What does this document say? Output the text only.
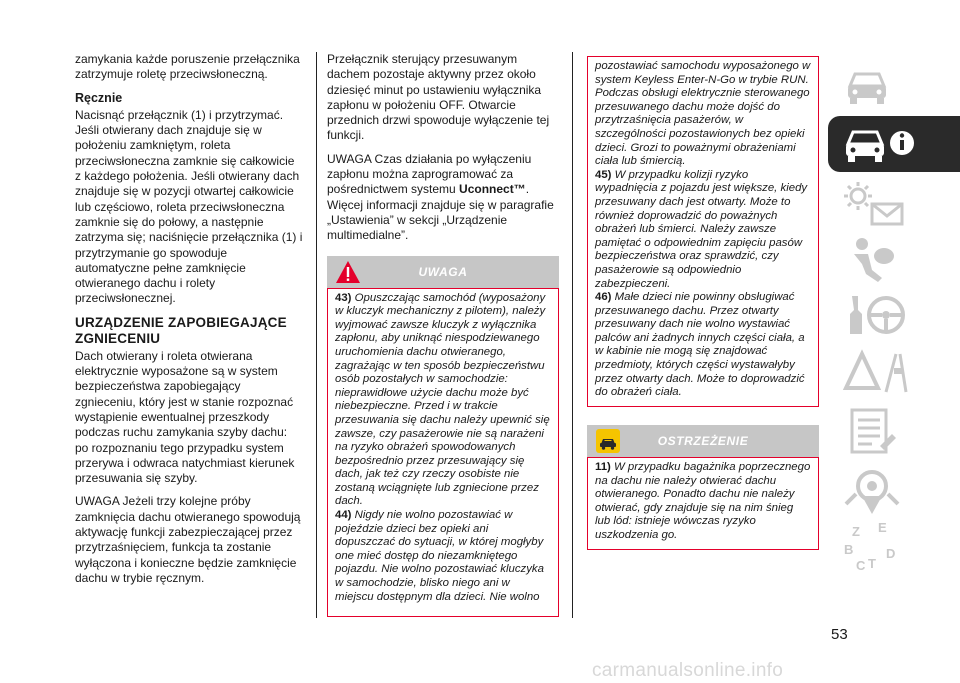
zamykania każde poruszenie przełącznika zatrzymuje roletę przeciwsłoneczną.

Ręcznie

Nacisnąć przełącznik (1) i przytrzymać. Jeśli otwierany dach znajduje się w położeniu zamkniętym, roleta przeciwsłoneczna zamknie się całkowicie z każdego położenia. Jeśli otwierany dach znajduje się w pozycji otwartej całkowicie lub częściowo, roleta przeciwsłoneczna zamknie się do połowy, a następnie zatrzyma się; naciśnięcie przełącznika (1) i przytrzymanie go spowoduje automatyczne pełne zamknięcie otwieranego dachu i rolety przeciwsłonecznej.

URZĄDZENIE ZAPOBIEGAJĄCE ZGNIECENIU

Dach otwierany i roleta otwierana elektrycznie wyposażone są w system bezpieczeństwa zapobiegający zgnieceniu, który jest w stanie rozpoznać wystąpienie ewentualnej przeszkody podczas ruchu zamykania szyby dachu: po rozpoznaniu tego przypadku system przerywa i odwraca natychmiast kierunek przesuwania się szyby.

UWAGA Jeżeli trzy kolejne próby zamknięcia dachu otwieranego spowodują aktywację funkcji zabezpieczającej przez przytrzaśnięciem, funkcja ta zostanie wyłączona i konieczne będzie zamknięcie dachu w trybie ręcznym.

Przełącznik sterujący przesuwanym dachem pozostaje aktywny przez około dziesięć minut po ustawieniu wyłącznika zapłonu w położeniu OFF. Otwarcie przednich drzwi spowoduje wyłączenie tej funkcji.

UWAGA Czas działania po wyłączeniu zapłonu można zaprogramować za pośrednictwem systemu Uconnect™. Więcej informacji znajduje się w paragrafie „Ustawienia” w sekcji „Urządzenie multimedialne”.

UWAGA

43) Opuszczając samochód (wyposażony w kluczyk mechaniczny z pilotem), należy wyjmować zawsze kluczyk z wyłącznika zapłonu, aby uniknąć niespodziewanego uruchomienia dachu otwieranego, zagrażając w ten sposób bezpieczeństwu osób pozostałych w samochodzie: nieprawidłowe użycie dachu może być niebezpieczne. Przed i w trakcie przesuwania się dachu należy upewnić się zawsze, czy pasażerowie nie są narażeni na ryzyko obrażeń spowodowanych bezpośrednio przez przesuwający się dach, jak też czy rzeczy osobiste nie zostaną wciągnięte lub zgniecione przez dach.

44) Nigdy nie wolno pozostawiać w pojeździe dzieci bez opieki ani dopuszczać do sytuacji, w której mogłyby one mieć dostęp do niezamkniętego pojazdu. Nie wolno pozostawiać kluczyka w samochodzie, blisko niego ani w miejscu dostępnym dla dzieci. Nie wolno

pozostawiać samochodu wyposażonego w system Keyless Enter-N-Go w trybie RUN. Podczas obsługi elektrycznie sterowanego przesuwanego dachu może dojść do przytrzaśnięcia pasażerów, w szczególności pozostawionych bez opieki dzieci. Grozi to poważnymi obrażeniami ciała lub śmiercią.

45) W przypadku kolizji ryzyko wypadnięcia z pojazdu jest większe, kiedy przesuwany dach jest otwarty. Może to również doprowadzić do poważnych obrażeń lub śmierci. Należy zawsze pamiętać o odpowiednim zapięciu pasów bezpieczeństwa oraz sprawdzić, czy pasażerowie są odpowiednio zabezpieczeni.

46) Małe dzieci nie powinny obsługiwać przesuwanego dachu. Przez otwarty przesuwany dach nie wolno wystawiać palców ani żadnych innych części ciała, a w kabinie nie mogą się znajdować przedmioty, których części wystawałyby przez otwarty dach. Może to doprowadzić do obrażeń ciała.

OSTRZEŻENIE

11) W przypadku bagażnika poprzecznego na dachu nie należy otwierać dachu otwieranego. Ponadto dachu nie należy otwierać, gdy znajduje się na nim śnieg lub lód: istnieje wówczas ryzyko uszkodzenia go.	Z E
B
C T
D
53
carmanualsonline.info
